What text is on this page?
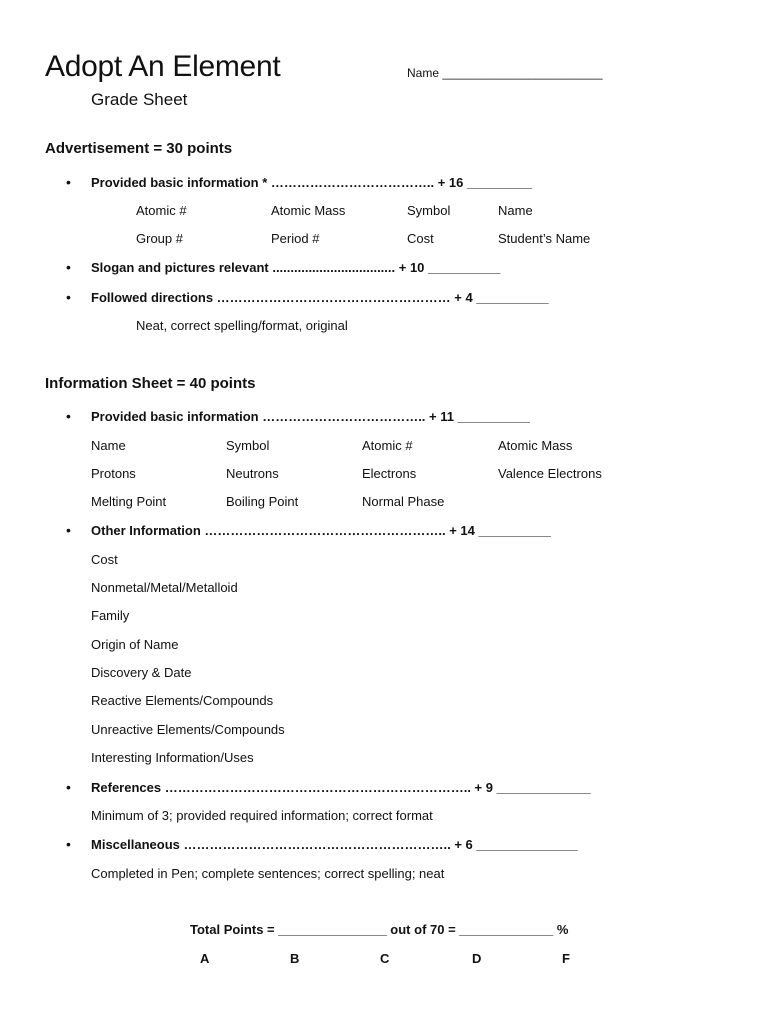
Adopt An Element
Grade Sheet
Name ________________________
Advertisement = 30 points
• Provided basic information * ……………………………….. + 16 _________
Atomic #	Atomic Mass	Symbol	Name
Group #	Period #	Cost	Student’s Name
• Slogan and pictures relevant .................................. + 10 __________
• Followed directions ……………………………………………… + 4 __________
Neat, correct spelling/format, original
Information Sheet = 40 points
• Provided basic information ……………………………….. + 11 __________
Name	Symbol	Atomic #	Atomic Mass
Protons	Neutrons	Electrons	Valence Electrons
Melting Point	Boiling Point	Normal Phase
• Other Information ……………………………………………….. + 14 __________
Cost
Nonmetal/Metal/Metalloid
Family
Origin of Name
Discovery & Date
Reactive Elements/Compounds
Unreactive Elements/Compounds
Interesting Information/Uses
• References …………………………………………………………….. + 9 _____________
Minimum of 3; provided required information; correct format
• Miscellaneous …………………………………………………….. + 6 ______________
Completed in Pen; complete sentences; correct spelling; neat
Total Points = _______________ out of 70 = _____________ %
A	B	C	D	F
